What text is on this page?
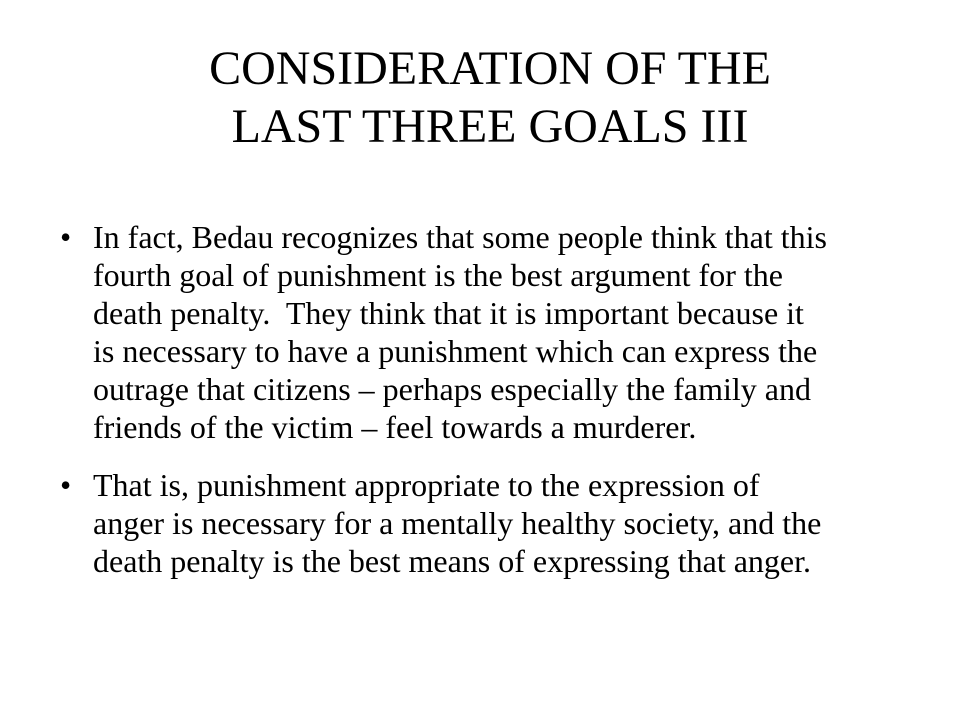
CONSIDERATION OF THE
LAST THREE GOALS III
• In fact, Bedau recognizes that some people think that this
fourth goal of punishment is the best argument for the
death penalty.  They think that it is important because it
is necessary to have a punishment which can express the
outrage that citizens – perhaps especially the family and
friends of the victim – feel towards a murderer.
• That is, punishment appropriate to the expression of
anger is necessary for a mentally healthy society, and the
death penalty is the best means of expressing that anger.
